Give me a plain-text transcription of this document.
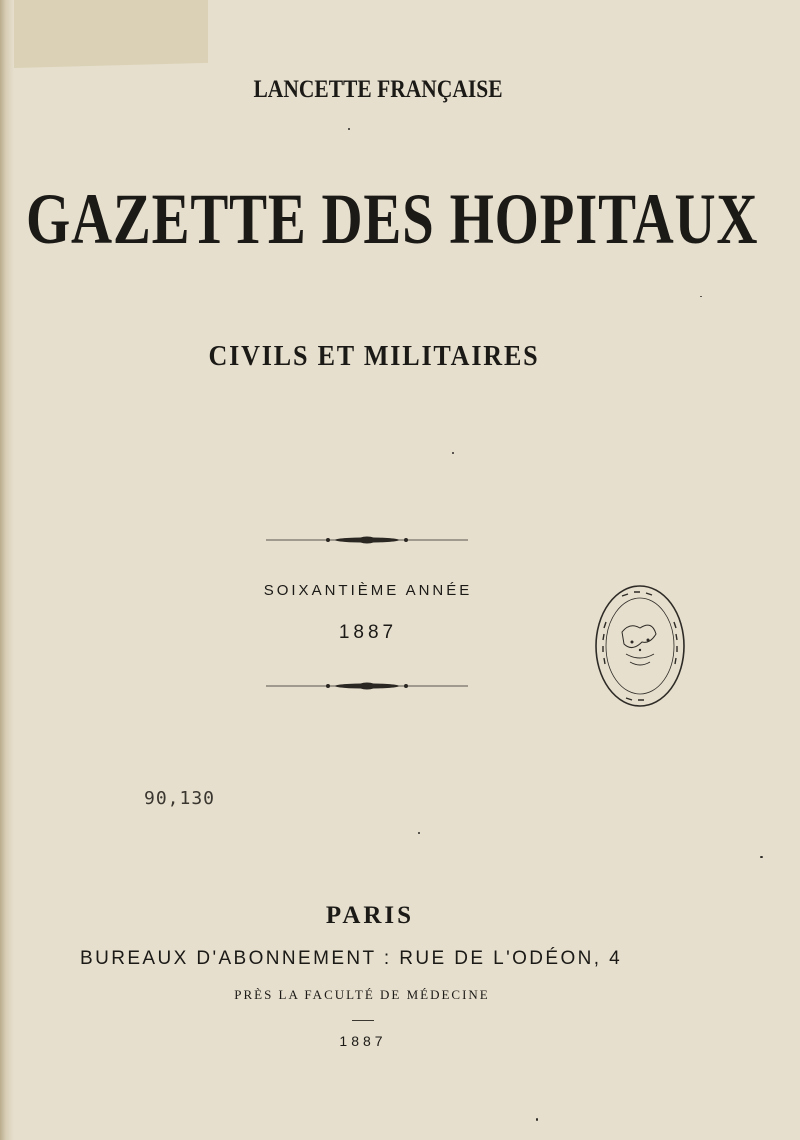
LANCETTE FRANÇAISE
GAZETTE DES HOPITAUX
CIVILS ET MILITAIRES
SOIXANTIÈME ANNÉE
1887
90,130
PARIS
BUREAUX D'ABONNEMENT : RUE DE L'ODÉON, 4
PRÈS LA FACULTÉ DE MÉDECINE
1887
